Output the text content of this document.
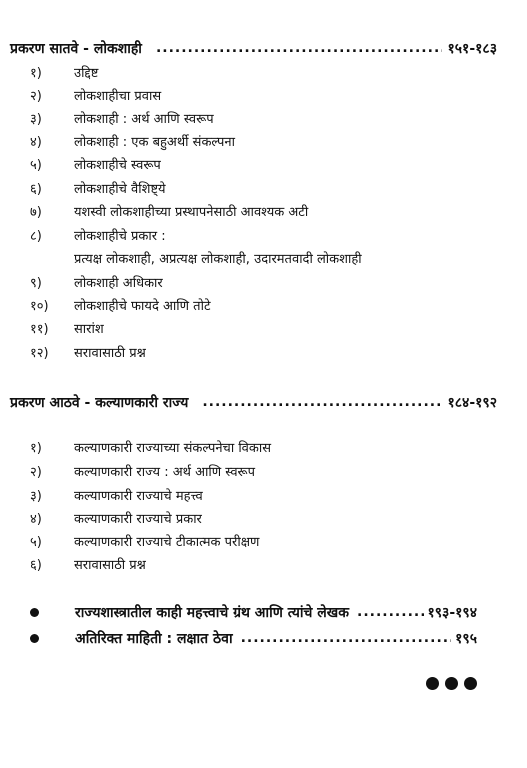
प्रकरण सातवे - लोकशाही .....	१५१-१८३
१)	उद्दिष्ट
२)	लोकशाहीचा प्रवास
३)	लोकशाही : अर्थ आणि स्वरूप
४)	लोकशाही : एक बहुअर्थी संकल्पना
५)	लोकशाहीचे स्वरूप
६)	लोकशाहीचे वैशिष्ट्ये
७)	यशस्वी लोकशाहीच्या प्रस्थापनेसाठी आवश्यक अटी
८)	लोकशाहीचे प्रकार :
प्रत्यक्ष लोकशाही, अप्रत्यक्ष लोकशाही, उदारमतवादी लोकशाही
९)	लोकशाही अधिकार
१०)	लोकशाहीचे फायदे आणि तोटे
११)	सारांश
१२)	सरावासाठी प्रश्न
प्रकरण आठवे - कल्याणकारी राज्य .....	१८४-१९२
१)	कल्याणकारी राज्याच्या संकल्पनेचा विकास
२)	कल्याणकारी राज्य : अर्थ आणि स्वरूप
३)	कल्याणकारी राज्याचे महत्त्व
४)	कल्याणकारी राज्याचे प्रकार
५)	कल्याणकारी राज्याचे टीकात्मक परीक्षण
६)	सरावासाठी प्रश्न
राज्यशास्त्रातील काही महत्त्वाचे ग्रंथ आणि त्यांचे लेखक .....	१९३-१९४
अतिरिक्त माहिती : लक्षात ठेवा .....	१९५
